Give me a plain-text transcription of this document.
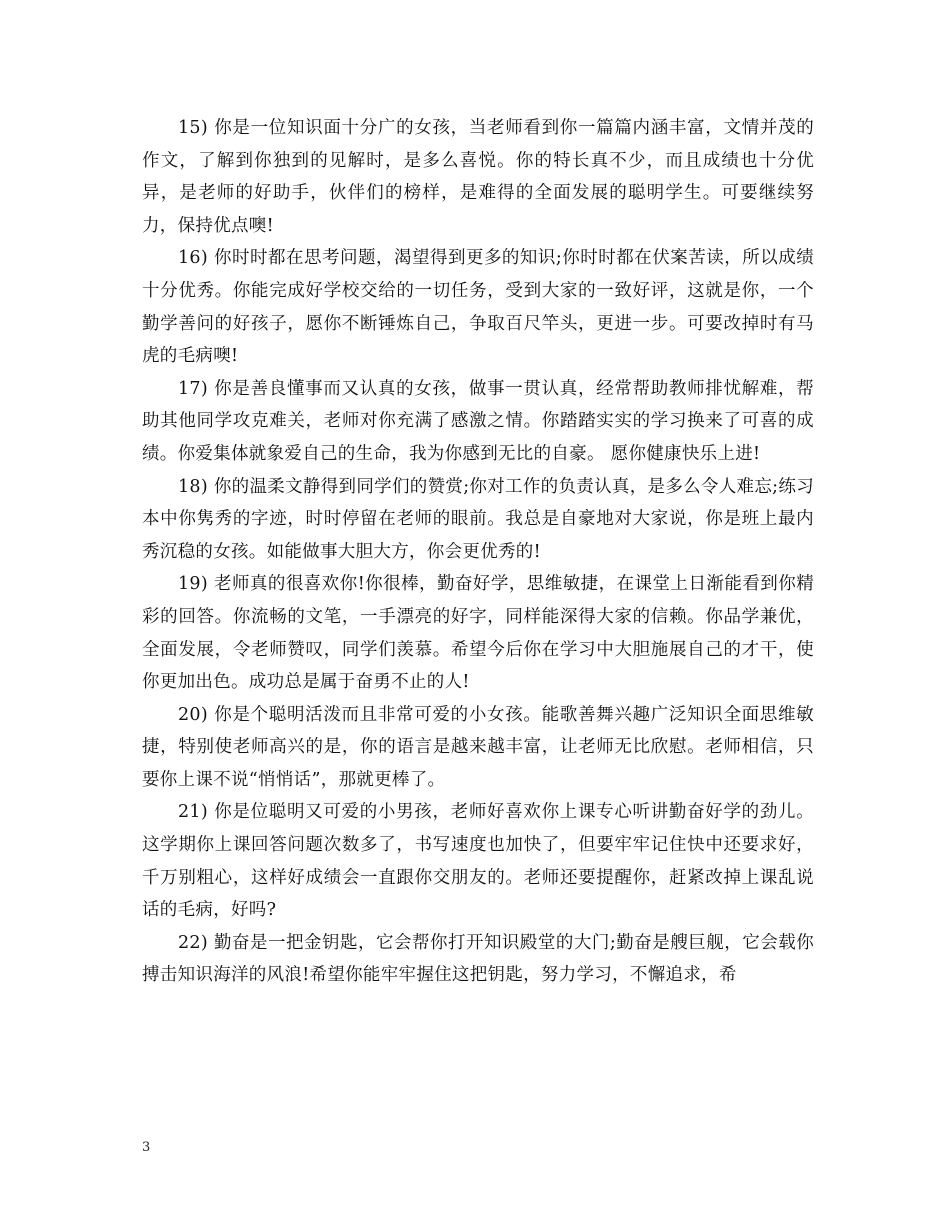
15) 你是一位知识面十分广的女孩，当老师看到你一篇篇内涵丰富，文情并茂的作文，了解到你独到的见解时，是多么喜悦。你的特长真不少，而且成绩也十分优异，是老师的好助手，伙伴们的榜样，是难得的全面发展的聪明学生。可要继续努力，保持优点噢!

16) 你时时都在思考问题，渴望得到更多的知识;你时时都在伏案苦读，所以成绩十分优秀。你能完成好学校交给的一切任务，受到大家的一致好评，这就是你，一个勤学善问的好孩子，愿你不断锤炼自己，争取百尺竿头，更进一步。可要改掉时有马虎的毛病噢!

17) 你是善良懂事而又认真的女孩，做事一贯认真，经常帮助教师排忧解难，帮助其他同学攻克难关，老师对你充满了感激之情。你踏踏实实的学习换来了可喜的成绩。你爱集体就象爱自己的生命，我为你感到无比的自豪。 愿你健康快乐上进!

18) 你的温柔文静得到同学们的赞赏;你对工作的负责认真，是多么令人难忘;练习本中你隽秀的字迹，时时停留在老师的眼前。我总是自豪地对大家说，你是班上最内秀沉稳的女孩。如能做事大胆大方，你会更优秀的!

19) 老师真的很喜欢你!你很棒，勤奋好学，思维敏捷，在课堂上日渐能看到你精彩的回答。你流畅的文笔，一手漂亮的好字，同样能深得大家的信赖。你品学兼优，全面发展，令老师赞叹，同学们羡慕。希望今后你在学习中大胆施展自己的才干，使你更加出色。成功总是属于奋勇不止的人!

20) 你是个聪明活泼而且非常可爱的小女孩。能歌善舞兴趣广泛知识全面思维敏捷，特别使老师高兴的是，你的语言是越来越丰富，让老师无比欣慰。老师相信，只要你上课不说“悄悄话”，那就更棒了。

21) 你是位聪明又可爱的小男孩，老师好喜欢你上课专心听讲勤奋好学的劲儿。这学期你上课回答问题次数多了，书写速度也加快了，但要牢牢记住快中还要求好，千万别粗心，这样好成绩会一直跟你交朋友的。老师还要提醒你，赶紧改掉上课乱说话的毛病，好吗?

22) 勤奋是一把金钥匙，它会帮你打开知识殿堂的大门;勤奋是艘巨舰，它会载你搏击知识海洋的风浪!希望你能牢牢握住这把钥匙，努力学习，不懈追求，希

3
